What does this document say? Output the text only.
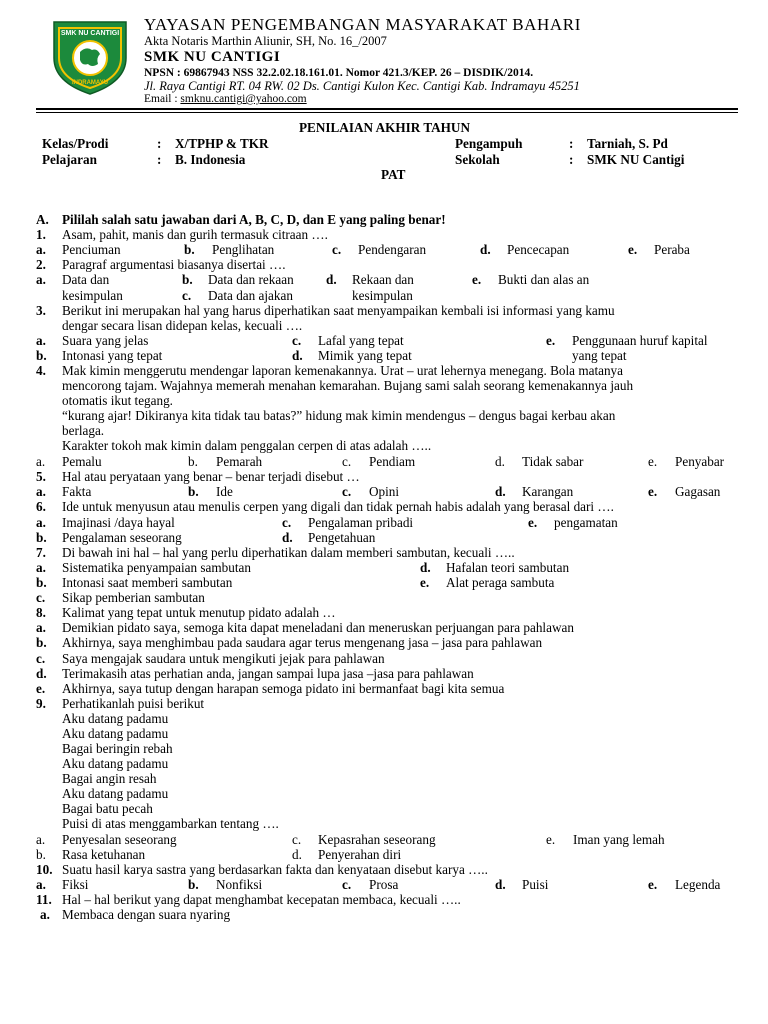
SMK NU CANTIGI
INDRAMAYU
YAYASAN PENGEMBANGAN MASYARAKAT BAHARI
Akta Notaris Marthin Aliunir, SH, No. 16_/2007
SMK NU CANTIGI
NPSN : 69867943 NSS 32.2.02.18.161.01. Nomor 421.3/KEP. 26 – DISDIK/2014.
Jl. Raya Cantigi RT. 04 RW. 02 Ds. Cantigi Kulon Kec. Cantigi Kab. Indramayu 45251
Email : smknu.cantigi@yahoo.com
PENILAIAN AKHIR TAHUN
Kelas/Prodi	: X/TPHP & TKR	Pengampuh	: Tarniah, S. Pd
Pelajaran	: B. Indonesia	Sekolah	: SMK NU Cantigi
PAT
A. Pililah salah satu jawaban dari A, B, C, D, dan E yang paling benar!
1. Asam, pahit, manis dan gurih termasuk citraan ….
a. Penciuman	b. Penglihatan	c. Pendengaran	d. Pencecapan	e. Peraba
2. Paragraf argumentasi biasanya disertai ….
a. Data dan
kesimpulan
b. Data dan rekaan
c. Data dan ajakan
d. Rekaan dan
kesimpulan
e. Bukti dan alas an
3. Berikut ini merupakan hal yang harus diperhatikan saat menyampaikan kembali isi informasi yang kamu
dengar secara lisan didepan kelas, kecuali ….
a. Suara yang jelas
b. Intonasi yang tepat
c. Lafal yang tepat
d. Mimik yang tepat
e. Penggunaan huruf kapital
yang tepat
4. Mak kimin menggerutu mendengar laporan kemenakannya. Urat – urat lehernya menegang. Bola matanya
mencorong tajam. Wajahnya memerah menahan kemarahan. Bujang sami salah seorang kemenakannya jauh
otomatis ikut tegang.
“kurang ajar! Dikiranya kita tidak tau batas?” hidung mak kimin mendengus – dengus bagai kerbau akan
berlaga.
Karakter tokoh mak kimin dalam penggalan cerpen di atas adalah …..
a. Pemalu	b. Pemarah	c. Pendiam	d. Tidak sabar	e. Penyabar
5. Hal atau peryataan yang benar – benar terjadi disebut …
a. Fakta	b. Ide	c. Opini	d. Karangan	e. Gagasan
6. Ide untuk menyusun atau menulis cerpen yang digali dan tidak pernah habis adalah yang berasal dari ….
a. Imajinasi /daya hayal
b. Pengalaman seseorang
c. Pengalaman pribadi
d. Pengetahuan
e. pengamatan
7. Di bawah ini hal – hal yang perlu diperhatikan dalam memberi sambutan, kecuali …..
a. Sistematika penyampaian sambutan
b. Intonasi saat memberi sambutan
c. Sikap pemberian sambutan
d. Hafalan teori sambutan
e. Alat peraga sambuta
8. Kalimat yang tepat untuk menutup pidato adalah …
a. Demikian pidato saya, semoga kita dapat meneladani dan meneruskan perjuangan para pahlawan
b. Akhirnya, saya menghimbau pada saudara agar terus mengenang jasa – jasa para pahlawan
c. Saya mengajak saudara untuk mengikuti jejak para pahlawan
d. Terimakasih atas perhatian anda, jangan sampai lupa jasa –jasa para pahlawan
e. Akhirnya, saya tutup dengan harapan semoga pidato ini bermanfaat bagi kita semua
9. Perhatikanlah puisi berikut
Aku datang padamu
Aku datang padamu
Bagai beringin rebah
Aku datang padamu
Bagai angin resah
Aku datang padamu
Bagai batu pecah
Puisi di atas menggambarkan tentang ….
a. Penyesalan seseorang
b. Rasa ketuhanan
c. Kepasrahan seseorang
d. Penyerahan diri
e. Iman yang lemah
10. Suatu hasil karya sastra yang berdasarkan fakta dan kenyataan disebut karya …..
a. Fiksi	b. Nonfiksi	c. Prosa	d. Puisi	e. Legenda
11. Hal – hal berikut yang dapat menghambat kecepatan membaca, kecuali …..
a. Membaca dengan suara nyaring
